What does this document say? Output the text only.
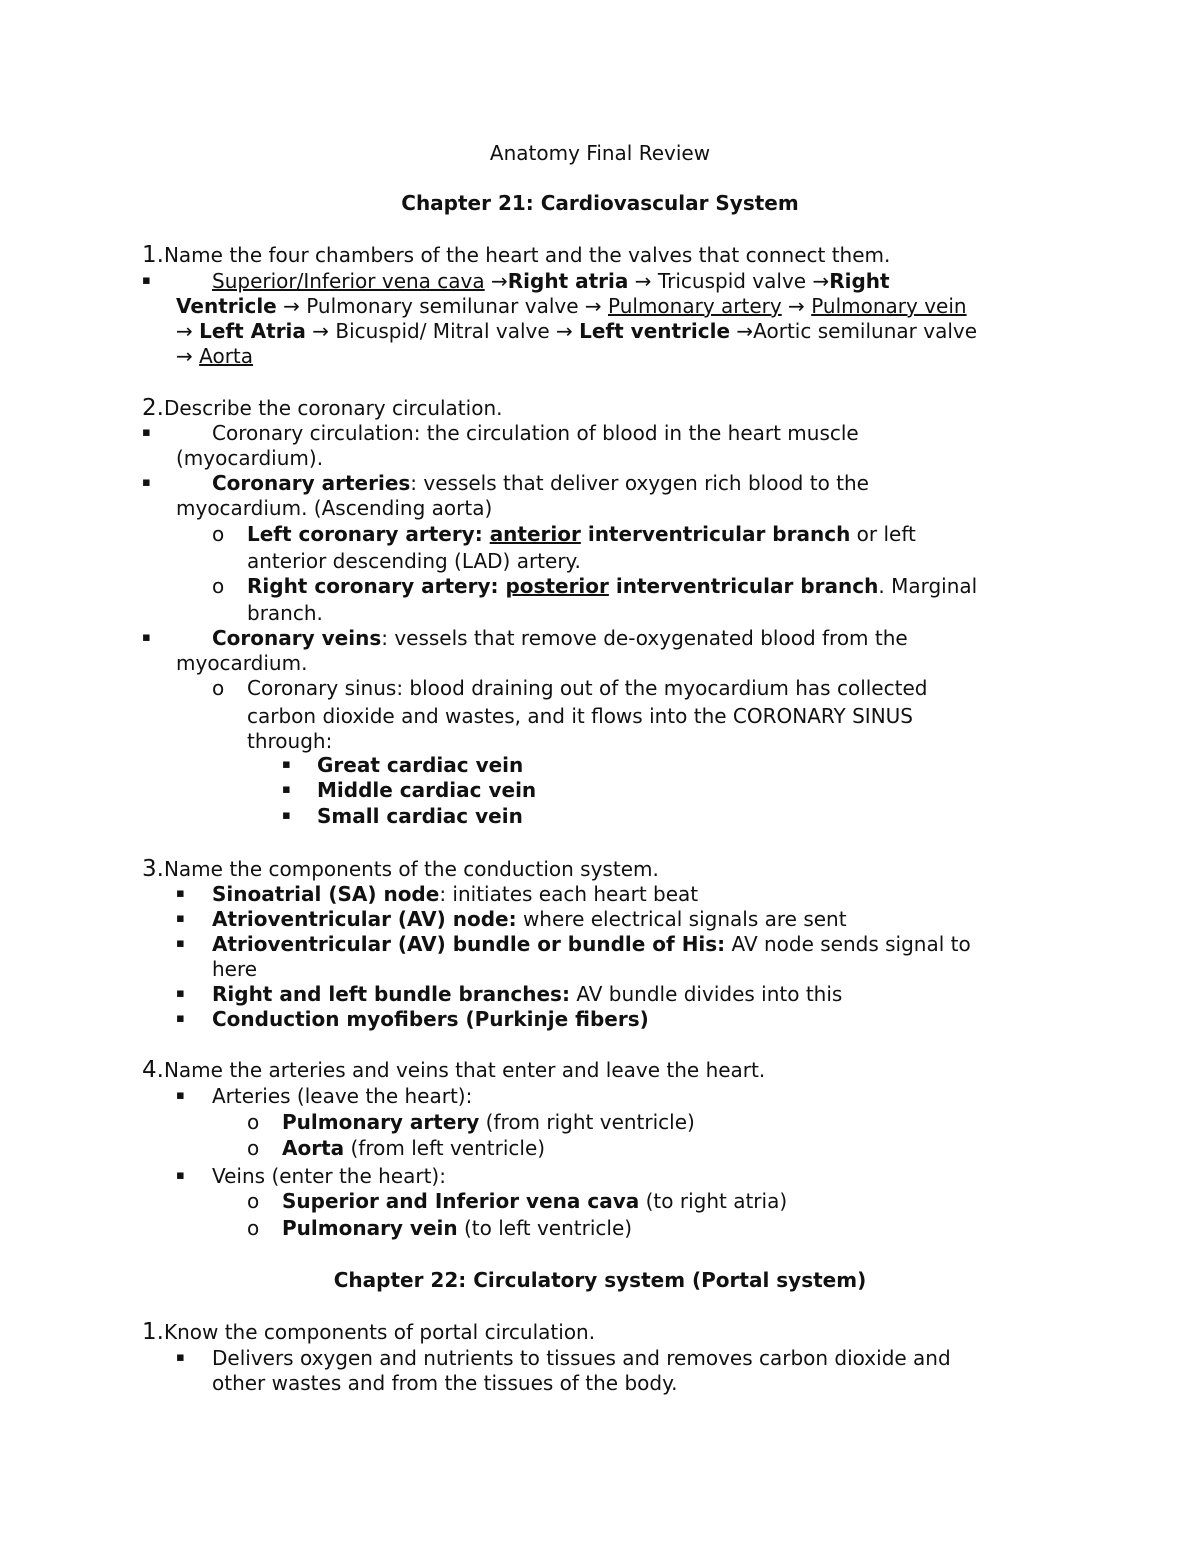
Anatomy Final Review
Chapter 21: Cardiovascular System
1.Name the four chambers of the heart and the valves that connect them.
▪	Superior/Inferior vena cava →Right atria → Tricuspid valve →Right
Ventricle → Pulmonary semilunar valve → Pulmonary artery → Pulmonary vein
→ Left Atria → Bicuspid/ Mitral valve → Left ventricle →Aortic semilunar valve
→ Aorta
2.Describe the coronary circulation.
▪	Coronary circulation: the circulation of blood in the heart muscle
(myocardium).
▪	Coronary arteries: vessels that deliver oxygen rich blood to the
myocardium. (Ascending aorta)
o Left coronary artery: anterior interventricular branch or left
anterior descending (LAD) artery.
o Right coronary artery: posterior interventricular branch. Marginal
branch.
▪	Coronary veins: vessels that remove de-oxygenated blood from the
myocardium.
o Coronary sinus: blood draining out of the myocardium has collected
carbon dioxide and wastes, and it flows into the CORONARY SINUS
through:
▪ Great cardiac vein
▪ Middle cardiac vein
▪ Small cardiac vein
3.Name the components of the conduction system.
▪ Sinoatrial (SA) node: initiates each heart beat
▪ Atrioventricular (AV) node: where electrical signals are sent
▪ Atrioventricular (AV) bundle or bundle of His: AV node sends signal to
here
▪ Right and left bundle branches: AV bundle divides into this
▪ Conduction myofibers (Purkinje fibers)
4.Name the arteries and veins that enter and leave the heart.
▪ Arteries (leave the heart):
o Pulmonary artery (from right ventricle)
o Aorta (from left ventricle)
▪ Veins (enter the heart):
o Superior and Inferior vena cava (to right atria)
o Pulmonary vein (to left ventricle)
Chapter 22: Circulatory system (Portal system)
1.Know the components of portal circulation.
▪ Delivers oxygen and nutrients to tissues and removes carbon dioxide and
other wastes and from the tissues of the body.
